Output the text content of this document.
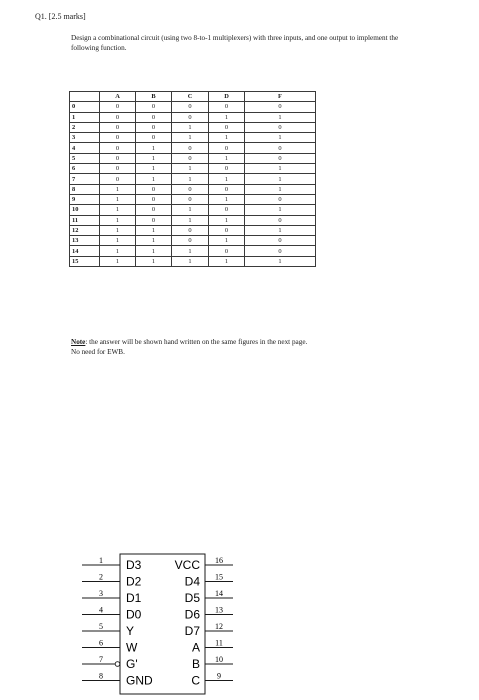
Q1. [2.5 marks]
Design a combinational circuit (using two 8-to-1 multiplexers) with three inputs, and one output to implement the following function.
	A	B	C	D	F
0	0	0	0	0	0
1	0	0	0	1	1
2	0	0	1	0	0
3	0	0	1	1	1
4	0	1	0	0	0
5	0	1	0	1	0
6	0	1	1	0	1
7	0	1	1	1	1
8	1	0	0	0	1
9	1	0	0	1	0
10	1	0	1	0	1
11	1	0	1	1	0
12	1	1	0	0	1
13	1	1	0	1	0
14	1	1	1	0	0
15	1	1	1	1	1
Note: the answer will be shown hand written on the same figures in the next page.
No need for EWB.
1 D3
2 D2
3 D1
4 D0
5 Y
6 W
7 G'
8 GND
16
VCC
15
D4
14
D5
13
D6
12
D7
11
A
10
B
9
C
